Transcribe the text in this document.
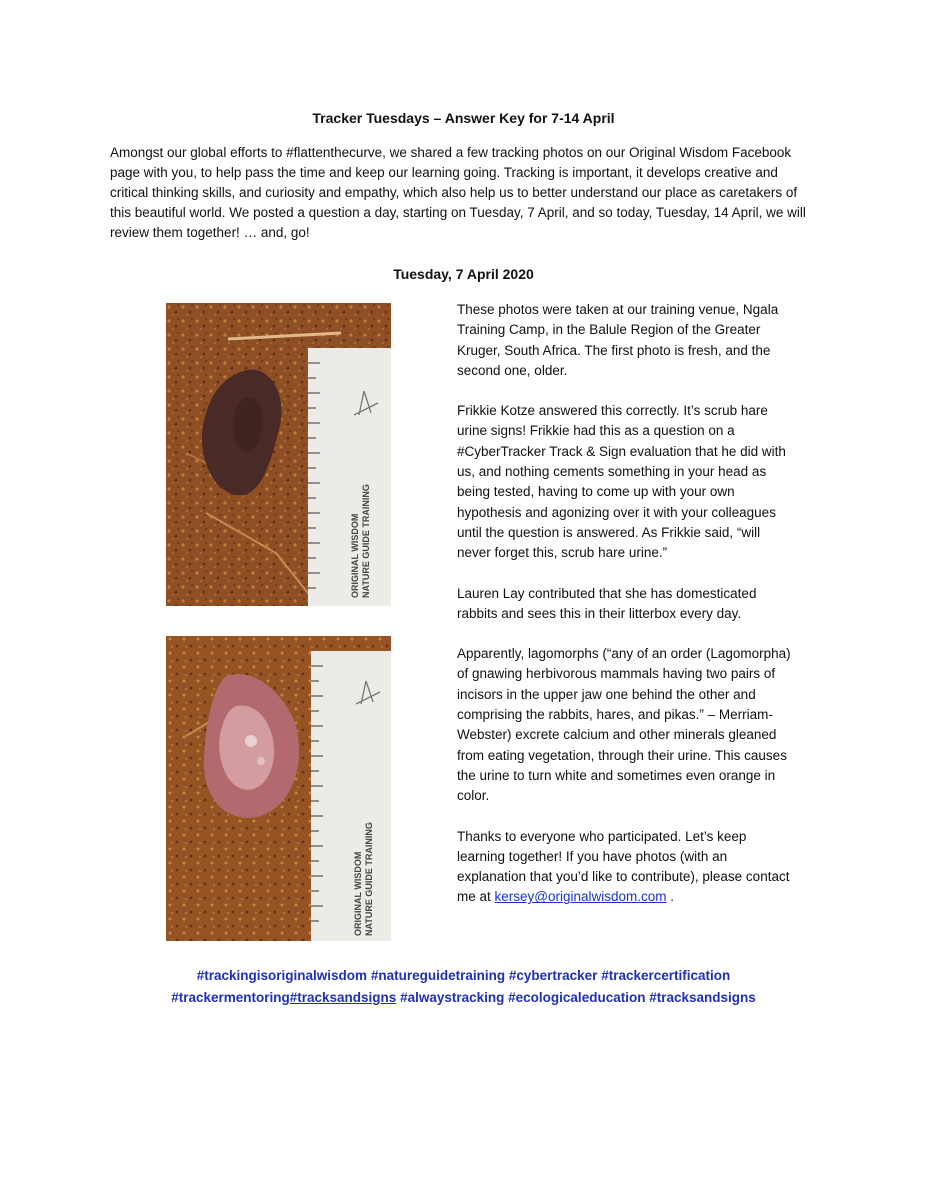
Tracker Tuesdays – Answer Key for 7-14 April
Amongst our global efforts to #flattenthecurve, we shared a few tracking photos on our Original Wisdom Facebook page with you, to help pass the time and keep our learning going. Tracking is important, it develops creative and critical thinking skills, and curiosity and empathy, which also help us to better understand our place as caretakers of this beautiful world. We posted a question a day, starting on Tuesday, 7 April, and so today, Tuesday, 14 April, we will review them together! … and, go!
Tuesday, 7 April 2020
ORIGINAL WISDOM NATURE GUIDE TRAINING
ORIGINAL WISDOM NATURE GUIDE TRAINING

These photos were taken at our training venue, Ngala Training Camp, in the Balule Region of the Greater Kruger, South Africa. The first photo is fresh, and the second one, older.

Frikkie Kotze answered this correctly. It’s scrub hare urine signs! Frikkie had this as a question on a #CyberTracker Track & Sign evaluation that he did with us, and nothing cements something in your head as being tested, having to come up with your own hypothesis and agonizing over it with your colleagues until the question is answered. As Frikkie said, “will never forget this, scrub hare urine.”

Lauren Lay contributed that she has domesticated rabbits and sees this in their litterbox every day.

Apparently, lagomorphs (“any of an order (Lagomorpha) of gnawing herbivorous mammals having two pairs of incisors in the upper jaw one behind the other and comprising the rabbits, hares, and pikas.” – Merriam-Webster) excrete calcium and other minerals gleaned from eating vegetation, through their urine. This causes the urine to turn white and sometimes even orange in color.

Thanks to everyone who participated. Let’s keep learning together! If you have photos (with an explanation that you’d like to contribute), please contact me at kersey@originalwisdom.com .

#trackingisoriginalwisdom #natureguidetraining #cybertracker #trackercertification #trackermentoring#tracksandsigns #alwaystracking #ecologicaleducation #tracksandsigns
